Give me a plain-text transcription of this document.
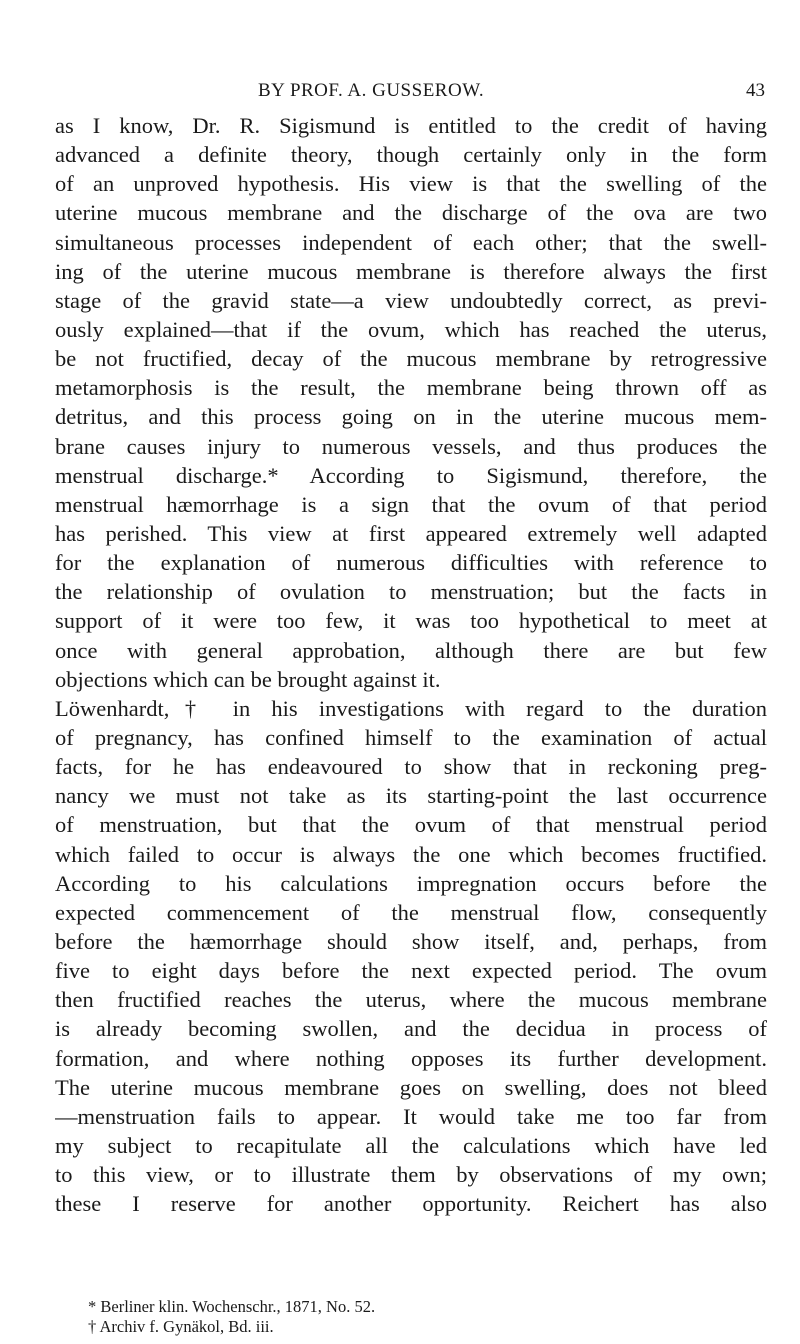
BY PROF. A. GUSSEROW.	43
as I know, Dr. R. Sigismund is entitled to the credit of having
advanced a definite theory, though certainly only in the form
of an unproved hypothesis. His view is that the swelling of the
uterine mucous membrane and the discharge of the ova are two
simultaneous processes independent of each other; that the swell-
ing of the uterine mucous membrane is therefore always the first
stage of the gravid state—a view undoubtedly correct, as previ-
ously explained—that if the ovum, which has reached the uterus,
be not fructified, decay of the mucous membrane by retrogressive
metamorphosis is the result, the membrane being thrown off as
detritus, and this process going on in the uterine mucous mem-
brane causes injury to numerous vessels, and thus produces the
menstrual discharge.* According to Sigismund, therefore, the
menstrual hæmorrhage is a sign that the ovum of that period
has perished. This view at first appeared extremely well adapted
for the explanation of numerous difficulties with reference to
the relationship of ovulation to menstruation; but the facts in
support of it were too few, it was too hypothetical to meet at
once with general approbation, although there are but few
objections which can be brought against it.
Löwenhardt,† in his investigations with regard to the duration
of pregnancy, has confined himself to the examination of actual
facts, for he has endeavoured to show that in reckoning preg-
nancy we must not take as its starting-point the last occurrence
of menstruation, but that the ovum of that menstrual period
which failed to occur is always the one which becomes fructified.
According to his calculations impregnation occurs before the
expected commencement of the menstrual flow, consequently
before the hæmorrhage should show itself, and, perhaps, from
five to eight days before the next expected period. The ovum
then fructified reaches the uterus, where the mucous membrane
is already becoming swollen, and the decidua in process of
formation, and where nothing opposes its further development.
The uterine mucous membrane goes on swelling, does not bleed
—menstruation fails to appear. It would take me too far from
my subject to recapitulate all the calculations which have led
to this view, or to illustrate them by observations of my own;
these I reserve for another opportunity. Reichert has also
* Berliner klin. Wochenschr., 1871, No. 52.
† Archiv f. Gynäkol, Bd. iii.
